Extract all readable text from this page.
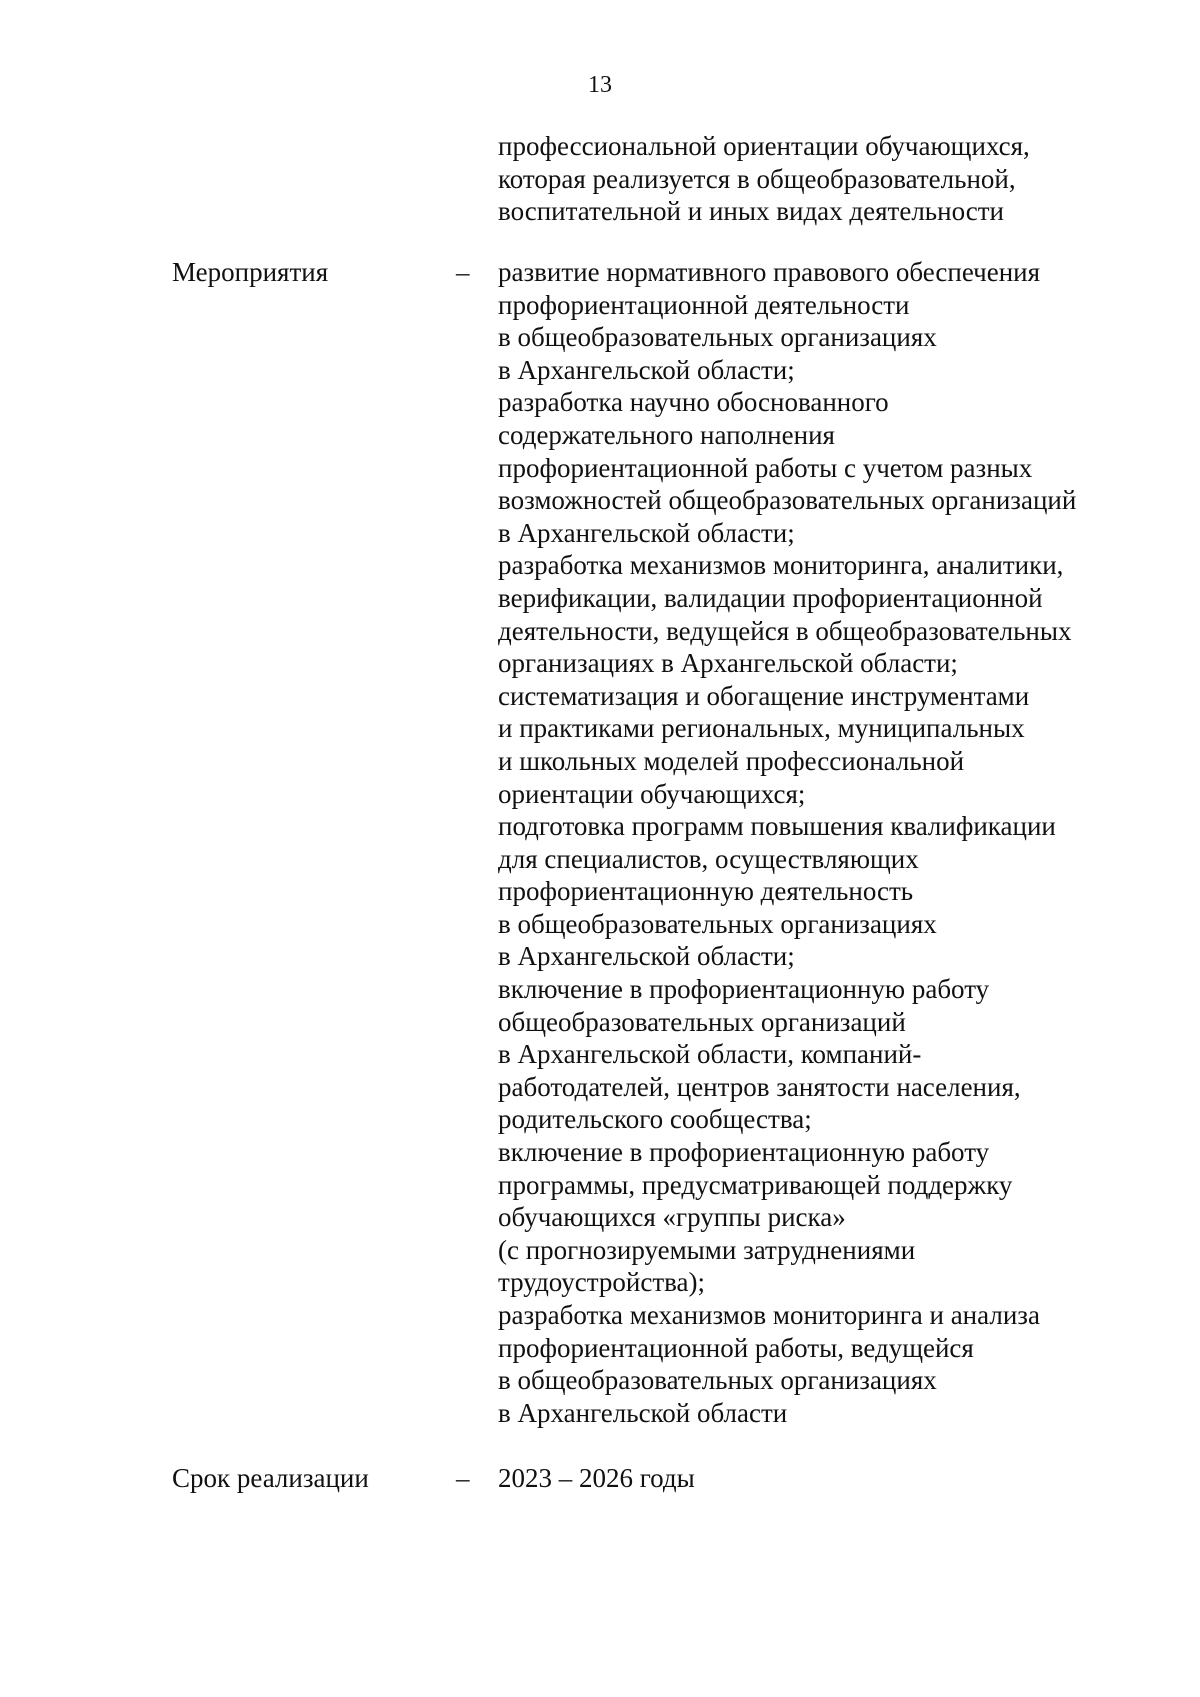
13
профессиональной ориентации обучающихся,
которая реализуется в общеобразовательной,
воспитательной и иных видах деятельности
Мероприятия	– развитие нормативного правового обеспечения
профориентационной деятельности
в общеобразовательных организациях
в Архангельской области;
разработка научно обоснованного
содержательного наполнения
профориентационной работы с учетом разных
возможностей общеобразовательных организаций
в Архангельской области;
разработка механизмов мониторинга, аналитики,
верификации, валидации профориентационной
деятельности, ведущейся в общеобразовательных
организациях в Архангельской области;
систематизация и обогащение инструментами
и практиками региональных, муниципальных
и школьных моделей профессиональной
ориентации обучающихся;
подготовка программ повышения квалификации
для специалистов, осуществляющих
профориентационную деятельность
в общеобразовательных организациях
в Архангельской области;
включение в профориентационную работу
общеобразовательных организаций
в Архангельской области, компаний-
работодателей, центров занятости населения,
родительского сообщества;
включение в профориентационную работу
программы, предусматривающей поддержку
обучающихся «группы риска»
(с прогнозируемыми затруднениями
трудоустройства);
разработка механизмов мониторинга и анализа
профориентационной работы, ведущейся
в общеобразовательных организациях
в Архангельской области
Срок реализации	– 2023 – 2026 годы
